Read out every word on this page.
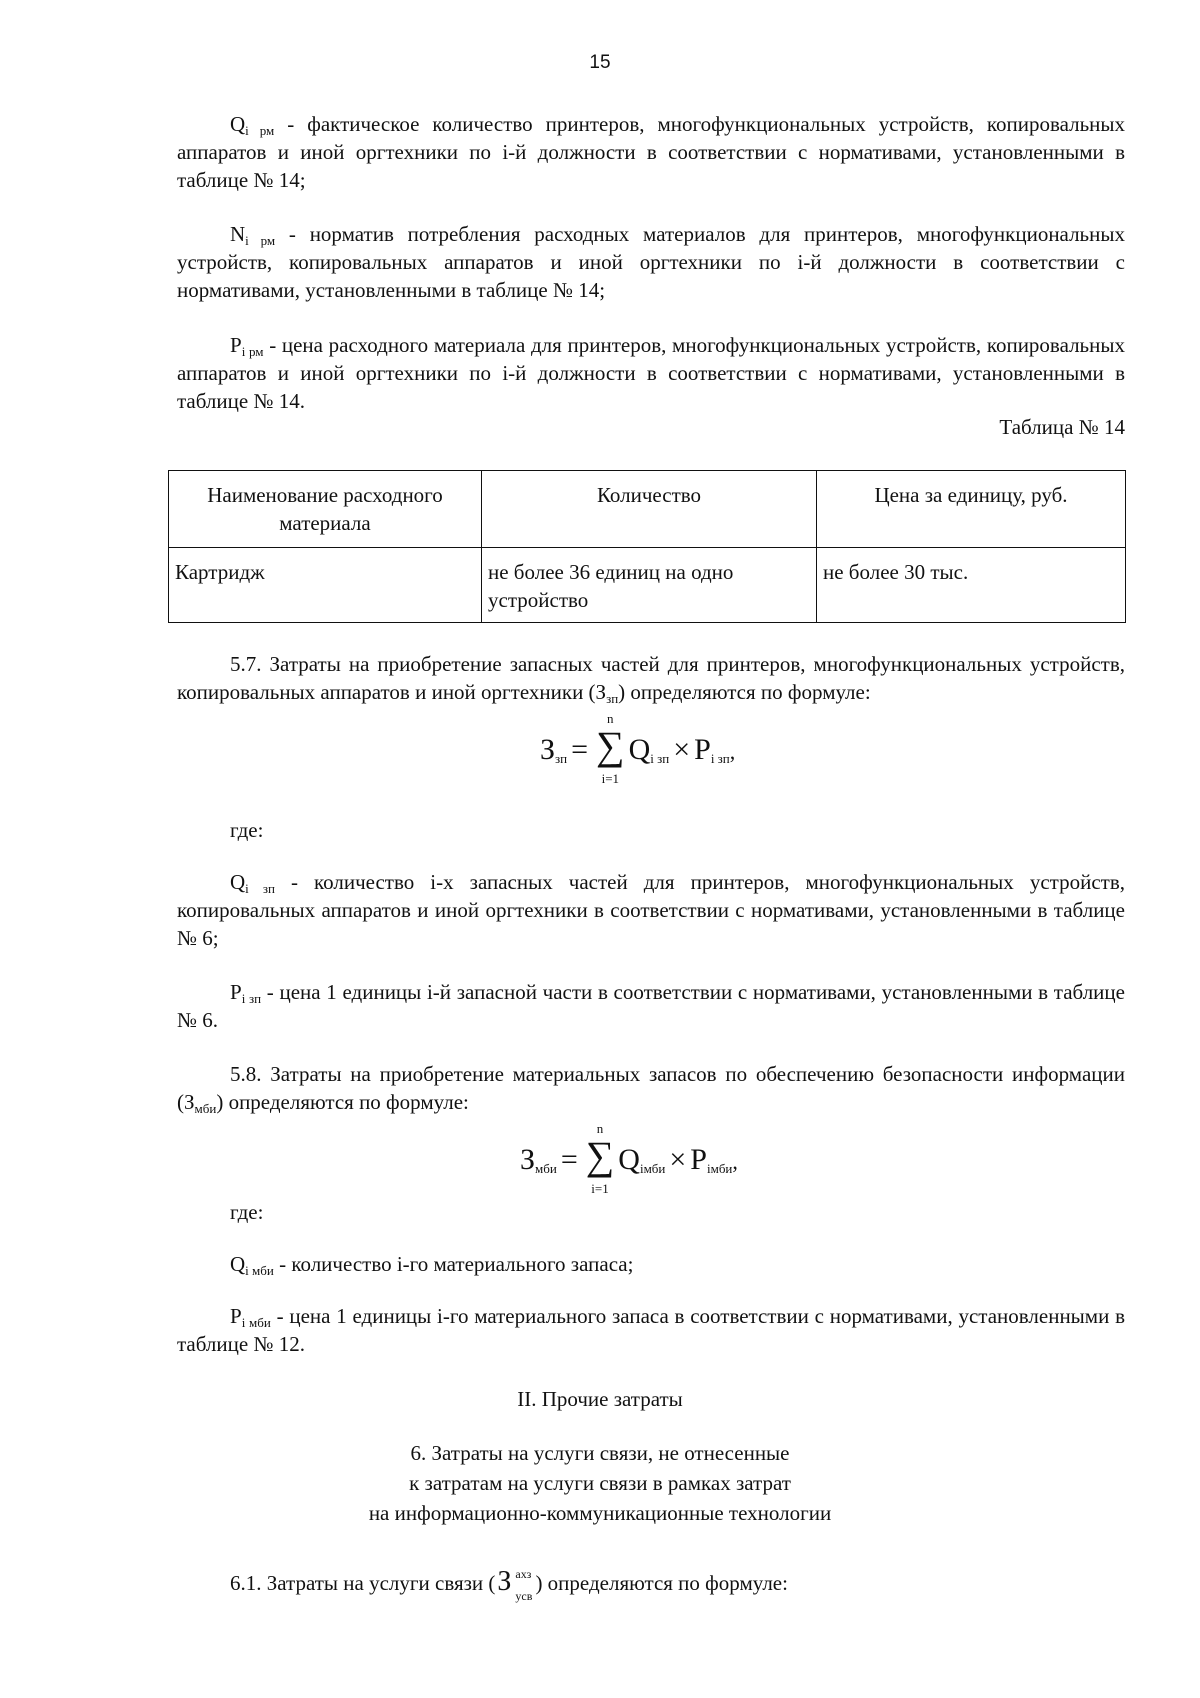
15

$Q_{i рм}$ - фактическое количество принтеров, многофункциональных устройств, копировальных аппаратов и иной оргтехники по i-й должности в соответствии с нормативами, установленными в таблице № 14;

$N_{i рм}$ - норматив потребления расходных материалов для принтеров, многофункциональных устройств, копировальных аппаратов и иной оргтехники по i-й должности в соответствии с нормативами, установленными в таблице № 14;

$P_{i рм}$ - цена расходного материала для принтеров, многофункциональных устройств, копировальных аппаратов и иной оргтехники по i-й должности в соответствии с нормативами, установленными в таблице № 14.

Таблица № 14
Наименование расходного материала	Количество	Цена за единицу, руб.
Картридж	не более 36 единиц на одно устройство	не более 30 тыс.

5.7. Затраты на приобретение запасных частей для принтеров, многофункциональных устройств, копировальных аппаратов и иной оргтехники $(З_{зп})$ определяются по формуле:

$З_{зп}$ =
n
∑
i=1
$Q_{i зп} \times P_{i зп}$,
где:

$Q_{i зп}$ - количество i-х запасных частей для принтеров, многофункциональных устройств, копировальных аппаратов и иной оргтехники в соответствии с нормативами, установленными в таблице № 6;

$P_{i зп}$ - цена 1 единицы i-й запасной части в соответствии с нормативами, установленными в таблице № 6.

5.8. Затраты на приобретение материальных запасов по обеспечению безопасности информации $(З_{мби})$ определяются по формуле:

$З_{мби}$ =
n
∑
i=1
$Q_{iмби} \times P_{iмби}$,
где:

$Q_{i мби}$ - количество i-го материального запаса;

$P_{i мби}$ - цена 1 единицы i-го материального запаса в соответствии с нормативами, установленными в таблице № 12.

II. Прочие затраты

6. Затраты на услуги связи, не отнесенные

к затратам на услуги связи в рамках затрат

на информационно-коммуникационные технологии

6.1. Затраты на услуги связи (З ахз
усв
) определяются по формуле:
